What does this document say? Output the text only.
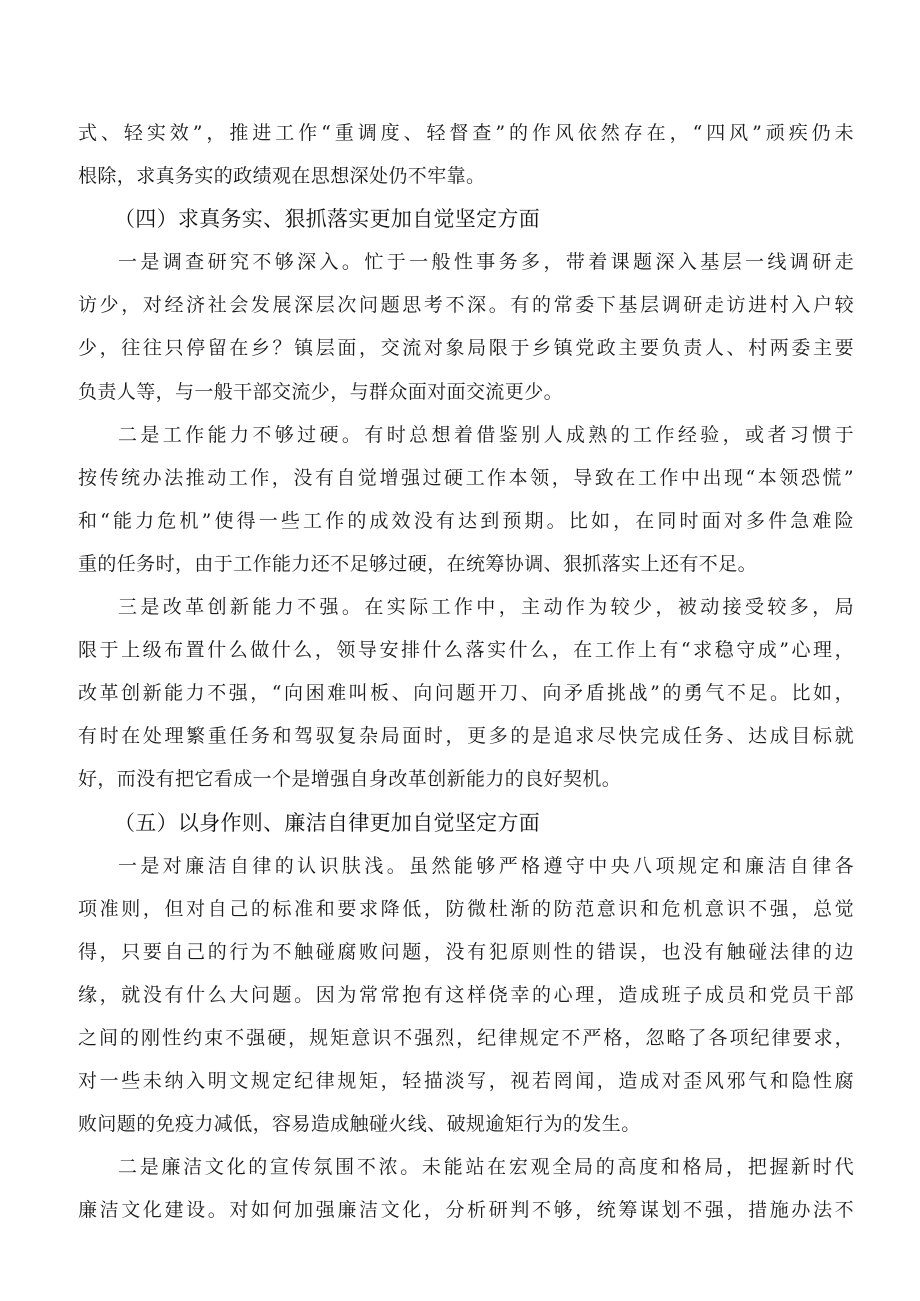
式、轻实效”，推进工作“重调度、轻督查”的作风依然存在，“四风”顽疾仍未
根除，求真务实的政绩观在思想深处仍不牢靠。
（四）求真务实、狠抓落实更加自觉坚定方面
一是调查研究不够深入。忙于一般性事务多，带着课题深入基层一线调研走
访少，对经济社会发展深层次问题思考不深。有的常委下基层调研走访进村入户较
少，往往只停留在乡？镇层面，交流对象局限于乡镇党政主要负责人、村两委主要
负责人等，与一般干部交流少，与群众面对面交流更少。
二是工作能力不够过硬。有时总想着借鉴别人成熟的工作经验，或者习惯于
按传统办法推动工作，没有自觉增强过硬工作本领，导致在工作中出现“本领恐慌”
和“能力危机”使得一些工作的成效没有达到预期。比如，在同时面对多件急难险
重的任务时，由于工作能力还不足够过硬，在统筹协调、狠抓落实上还有不足。
三是改革创新能力不强。在实际工作中，主动作为较少，被动接受较多，局
限于上级布置什么做什么，领导安排什么落实什么，在工作上有“求稳守成”心理，
改革创新能力不强，“向困难叫板、向问题开刀、向矛盾挑战”的勇气不足。比如，
有时在处理繁重任务和驾驭复杂局面时，更多的是追求尽快完成任务、达成目标就
好，而没有把它看成一个是增强自身改革创新能力的良好契机。
（五）以身作则、廉洁自律更加自觉坚定方面
一是对廉洁自律的认识肤浅。虽然能够严格遵守中央八项规定和廉洁自律各
项准则，但对自己的标准和要求降低，防微杜渐的防范意识和危机意识不强，总觉
得，只要自己的行为不触碰腐败问题，没有犯原则性的错误，也没有触碰法律的边
缘，就没有什么大问题。因为常常抱有这样侥幸的心理，造成班子成员和党员干部
之间的刚性约束不强硬，规矩意识不强烈，纪律规定不严格，忽略了各项纪律要求，
对一些未纳入明文规定纪律规矩，轻描淡写，视若罔闻，造成对歪风邪气和隐性腐
败问题的免疫力减低，容易造成触碰火线、破规逾矩行为的发生。
二是廉洁文化的宣传氛围不浓。未能站在宏观全局的高度和格局，把握新时代
廉洁文化建设。对如何加强廉洁文化，分析研判不够，统筹谋划不强，措施办法不
